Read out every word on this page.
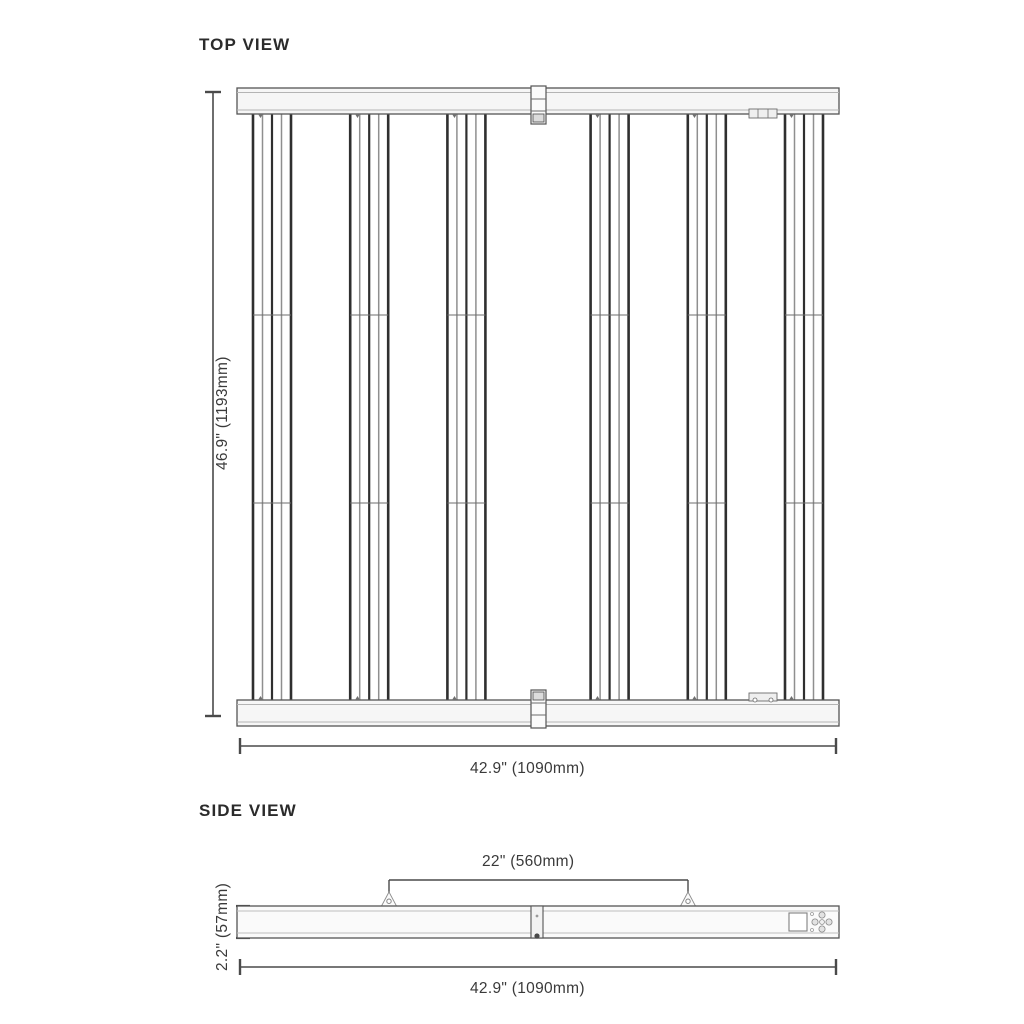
TOP VIEW
SIDE VIEW
46.9" (1193mm)
42.9" (1090mm)
22" (560mm)
2.2" (57mm)
42.9" (1090mm)
